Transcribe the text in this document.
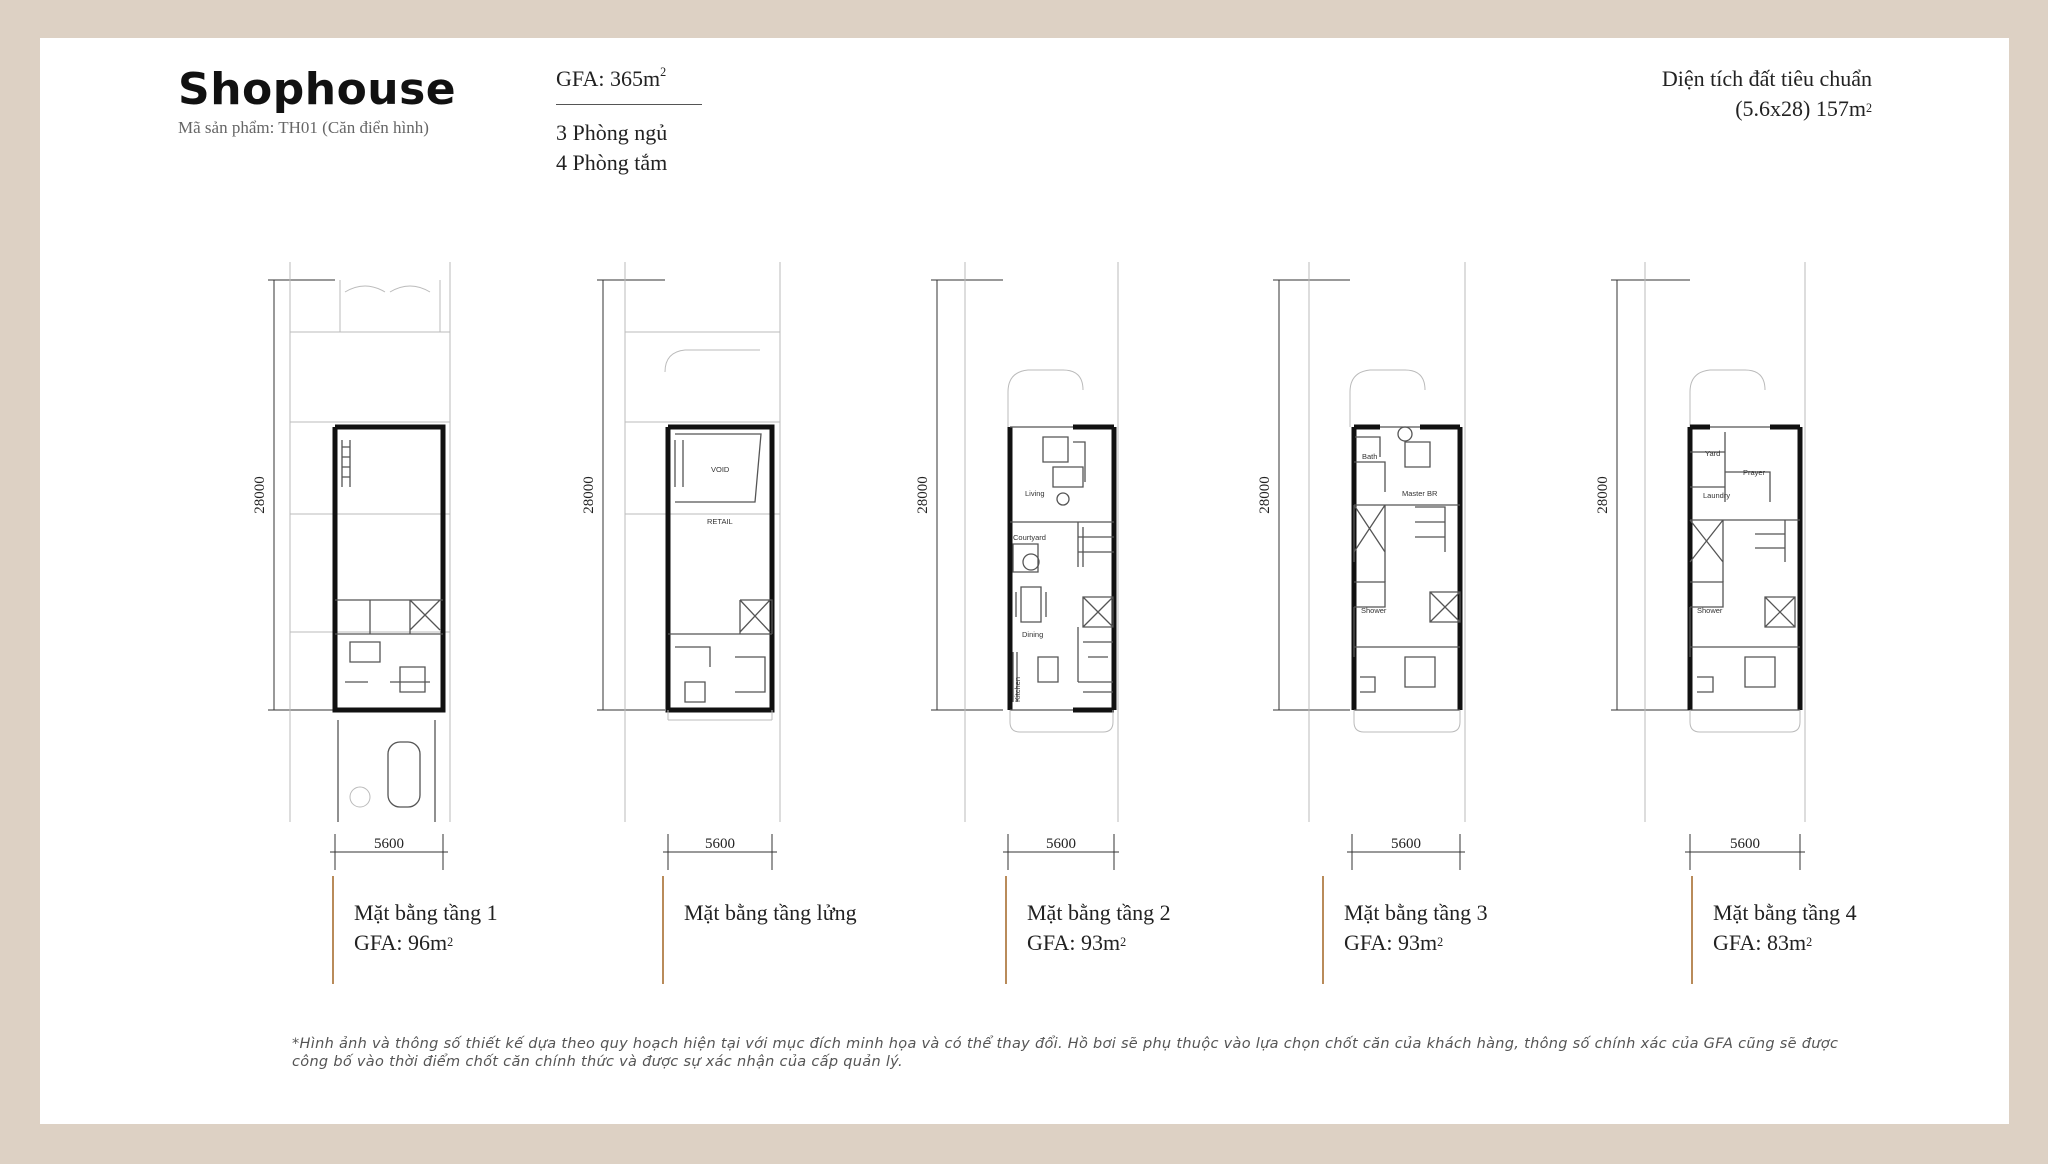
Shophouse
Mã sản phẩm: TH01 (Căn điển hình)
GFA: $365m^2$
3 Phòng ngủ
4 Phòng tắm
Diện tích đất tiêu chuẩn
(5.6x28) $157m^2$
28000
5600
28000
VOID
RETAIL
5600
28000	Living
Courtyard
Dining
Kitchen
5600
28000
Bath
Master BR
Shower
5600
28000
Yard
Prayer
Laundry
Shower
5600
Mặt bằng tầng 1
GFA: $96m^2$
Mặt bằng tầng lửng	Mặt bằng tầng 2
GFA: $93m^2$
Mặt bằng tầng 3
GFA: $93m^2$
Mặt bằng tầng 4
GFA: $83m^2$
*Hình ảnh và thông số thiết kế dựa theo quy hoạch hiện tại với mục đích minh họa và có thể thay đổi. Hồ bơi sẽ phụ thuộc vào lựa chọn chốt căn của khách hàng, thông số chính xác của GFA cũng sẽ được công bố vào thời điểm chốt căn chính thức và được sự xác nhận của cấp quản lý.
